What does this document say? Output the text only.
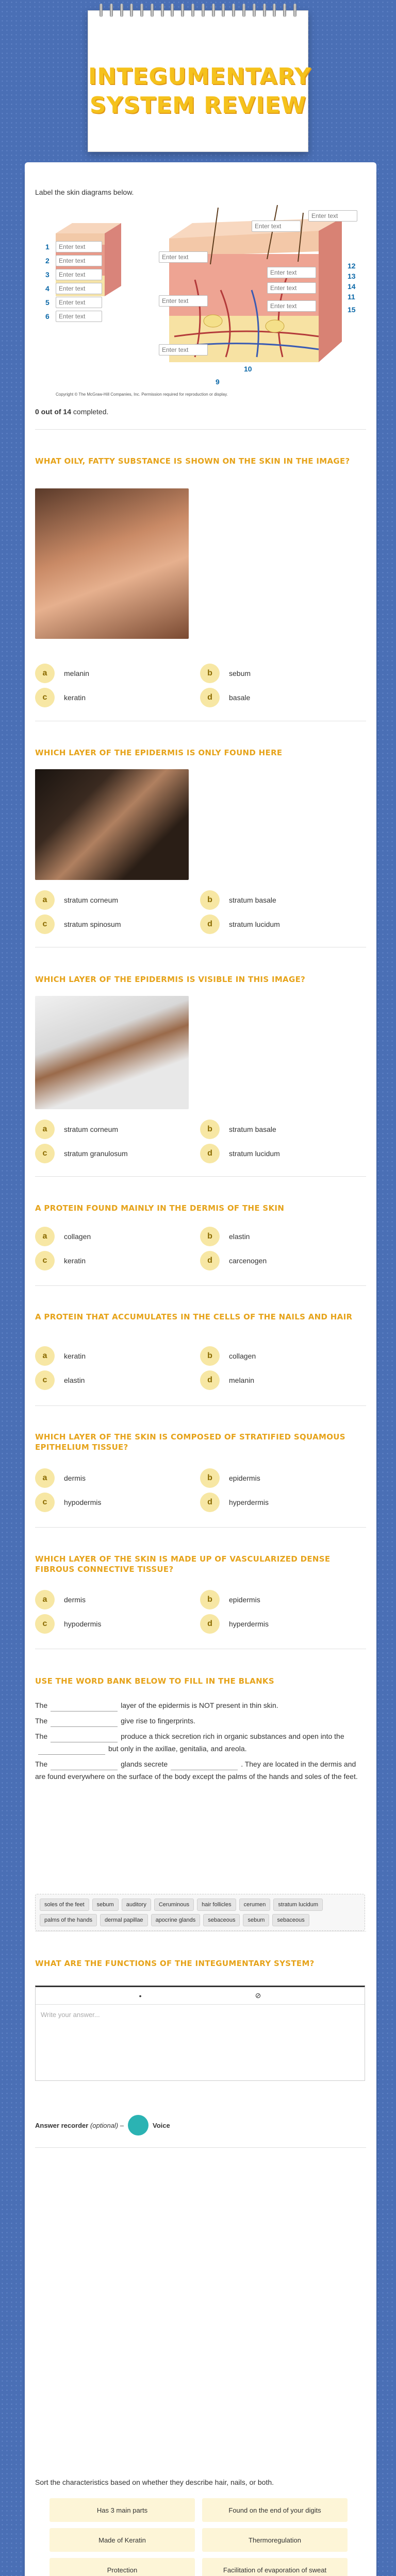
INTEGUMENTARY SYSTEM REVIEW
Label the skin diagrams below.
Enter text
Enter text
Enter text
Enter text
Enter text
Enter text
Enter text
Enter text
Enter text
Enter text
Enter text
Enter text
Enter text
Enter text
12
13
14
11
15
10
9
1
2
3
4
5
6
Copyright © The McGraw-Hill Companies, Inc. Permission required for reproduction or display.
0 out of 14 completed.
WHAT OILY, FATTY SUBSTANCE IS SHOWN ON THE SKIN IN THE IMAGE?
a	melanin	b	sebum
c	keratin	d	basale
WHICH LAYER OF THE EPIDERMIS IS ONLY FOUND HERE
a	stratum corneum	b	stratum basale
c	stratum spinosum	d	stratum lucidum
WHICH LAYER OF THE EPIDERMIS IS VISIBLE IN THIS IMAGE?
a	stratum corneum	b	stratum basale
c	stratum granulosum	d	stratum lucidum
A PROTEIN FOUND MAINLY IN THE DERMIS OF THE SKIN
a	collagen	b	elastin
c	keratin	d	carcenogen
A PROTEIN THAT ACCUMULATES IN THE CELLS OF THE NAILS AND HAIR
a	keratin	b	collagen
c	elastin	d	melanin
WHICH LAYER OF THE SKIN IS COMPOSED OF STRATIFIED SQUAMOUS EPITHELIUM TISSUE?
a	dermis	b	epidermis
c	hypodermis	d	hyperdermis
WHICH LAYER OF THE SKIN IS MADE UP OF VASCULARIZED DENSE FIBROUS CONNECTIVE TISSUE?
a	dermis	b	epidermis
c	hypodermis	d	hyperdermis
USE THE WORD BANK BELOW TO FILL IN THE BLANKS

The	layer of the epidermis is NOT present in thin skin.

The	give rise to fingerprints.

The	produce a thick secretion rich in organic substances and open into thebut only in the axillae, genitalia, and areola.

The	glands secrete	. They are located in the dermis and are found everywhere on the surface of the body except the palms of the hands and soles of the feet.

soles of the feet	sebum	auditory	Ceruminous	hair follicles	cerumen	stratum lucidum
palms of the hands	dermal papillae	apocrine glands	sebaceous	sebum	sebaceous
WHAT ARE THE FUNCTIONS OF THE INTEGUMENTARY SYSTEM?
•	⊘
Write your answer...
Answer recorder
(optional)
–	Voice
Sort the characteristics based on whether they describe hair, nails, or both.
Has 3 main parts	Found on the end of your digits
Made of Keratin	Thermoregulation
Protection	Facilitation of evaporation of sweat
